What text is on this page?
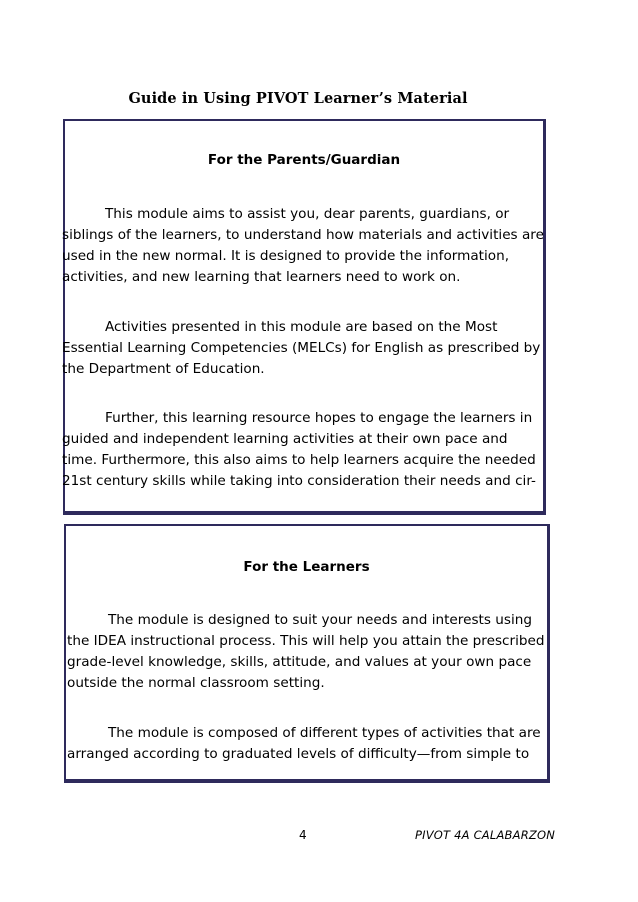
Guide in Using PIVOT Learner’s Material
For the Parents/Guardian
This module aims to assist you, dear parents, guardians, or
siblings of the learners, to understand how materials and activities are
used in the new normal. It is designed to provide the information,
activities, and new learning that learners need to work on.
Activities presented in this module are based on the Most
Essential Learning Competencies (MELCs) for English as prescribed by
the Department of Education.
Further, this learning resource hopes to engage the learners in
guided and independent learning activities at their own pace and
time. Furthermore, this also aims to help learners acquire the needed
21st century skills while taking into consideration their needs and cir-
For the Learners
The module is designed to suit your needs and interests using
the IDEA instructional process. This will help you attain the prescribed
grade-level knowledge, skills, attitude, and values at your own pace
outside the normal classroom setting.
The module is composed of different types of activities that are
arranged according to graduated levels of difficulty—from simple to
4	PIVOT 4A CALABARZON
